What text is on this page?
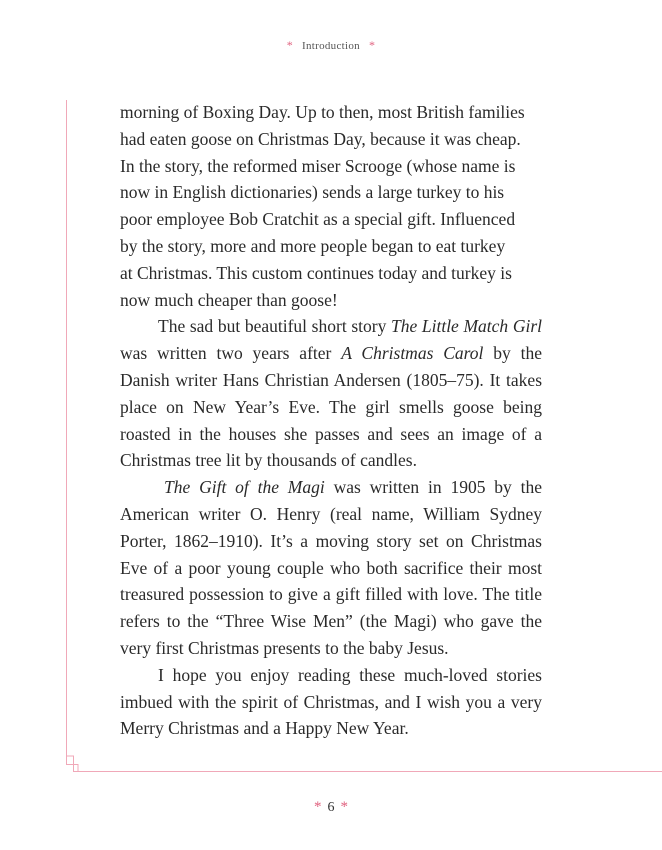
* Introduction *

morning of Boxing Day. Up to then, most British families
had eaten goose on Christmas Day, because it was cheap.
In the story, the reformed miser Scrooge (whose name is
now in English dictionaries) sends a large turkey to his
poor employee Bob Cratchit as a special gift. Influenced
by the story, more and more people began to eat turkey
at Christmas. This custom continues today and turkey is
now much cheaper than goose!

The sad but beautiful short story The Little Match Girl was written two years after A Christmas Carol by the Danish writer Hans Christian Andersen (1805–75). It takes place on New Year’s Eve. The girl smells goose being roasted in the houses she passes and sees an image of a Christmas tree lit by thousands of candles.

The Gift of the Magi was written in 1905 by the American writer O. Henry (real name, William Sydney Porter, 1862–1910). It’s a moving story set on Christmas Eve of a poor young couple who both sacrifice their most treasured possession to give a gift filled with love. The title refers to the “Three Wise Men” (the Magi) who gave the very first Christmas presents to the baby Jesus.

I hope you enjoy reading these much-loved stories imbued with the spirit of Christmas, and I wish you a very Merry Christmas and a Happy New Year.

* 6 *
